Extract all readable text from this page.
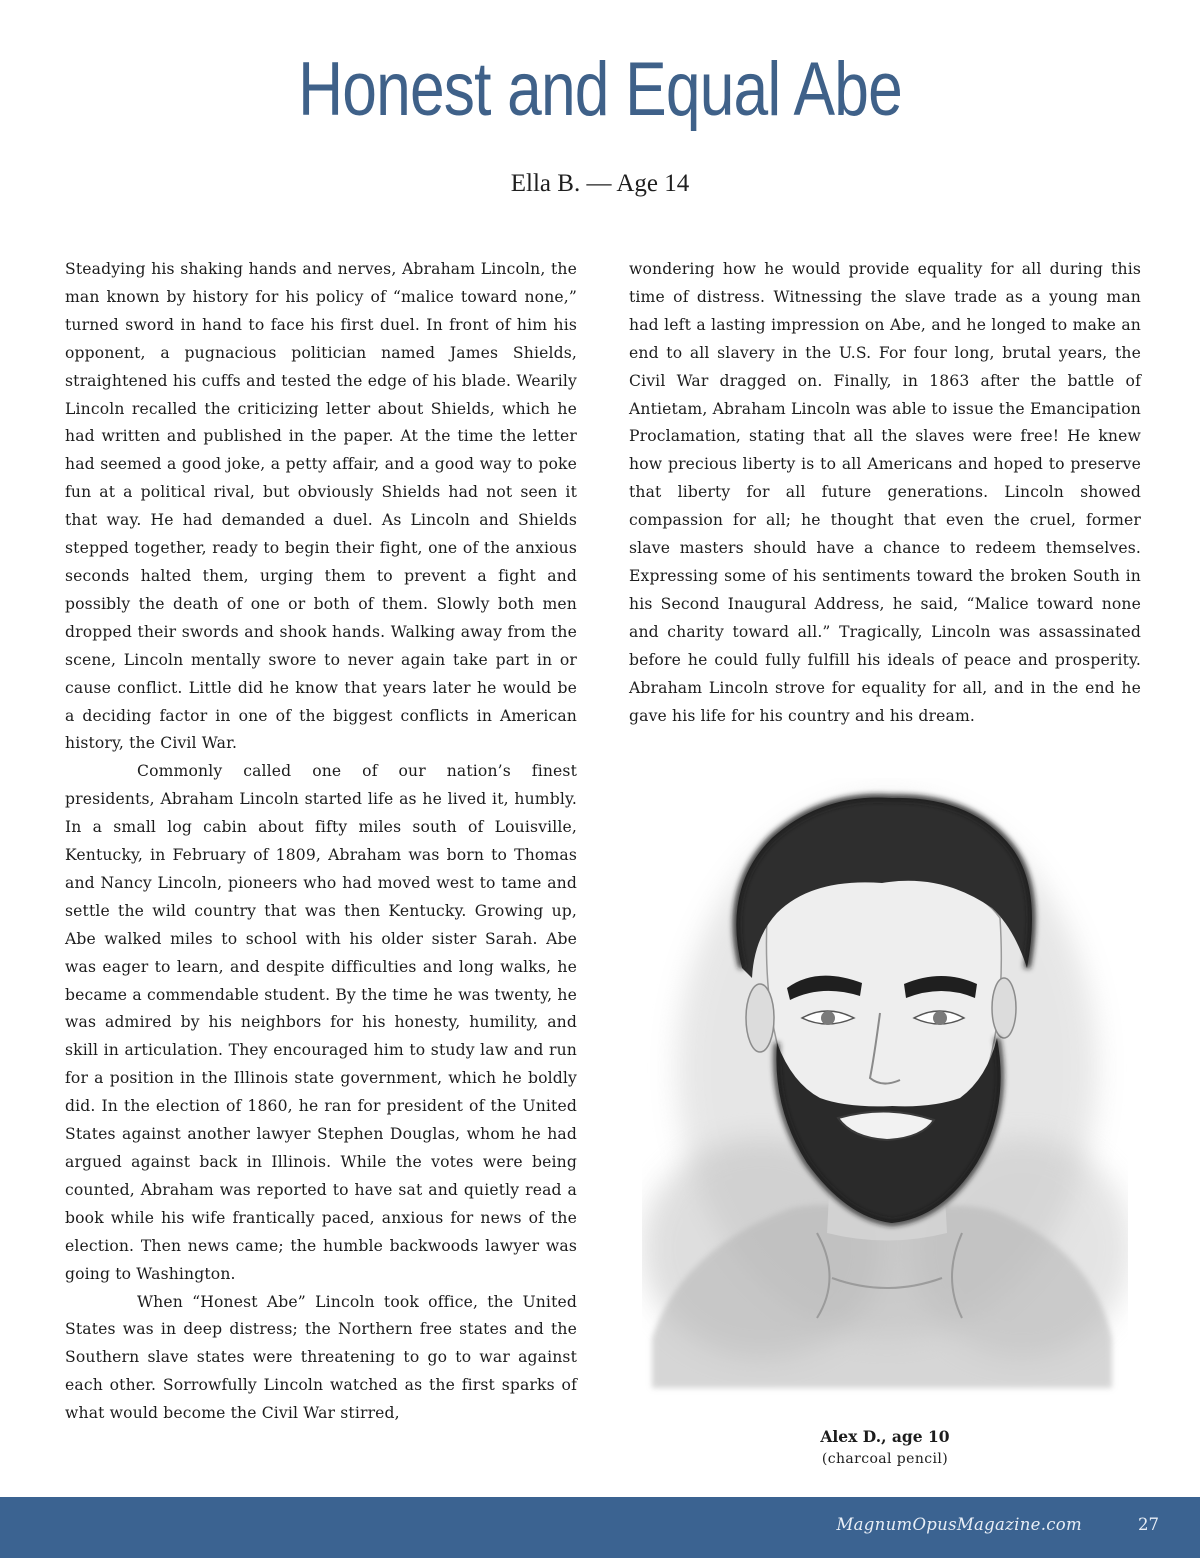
Honest and Equal Abe
Ella B. — Age 14

Steadying his shaking hands and nerves, Abraham Lincoln, the man known by history for his policy of “malice toward none,” turned sword in hand to face his first duel. In front of him his opponent, a pugnacious politician named James Shields, straightened his cuffs and tested the edge of his blade. Wearily Lincoln recalled the criticizing letter about Shields, which he had written and published in the paper. At the time the letter had seemed a good joke, a petty affair, and a good way to poke fun at a political rival, but obviously Shields had not seen it that way. He had demanded a duel. As Lincoln and Shields stepped together, ready to begin their fight, one of the anxious seconds halted them, urging them to prevent a fight and possibly the death of one or both of them. Slowly both men dropped their swords and shook hands. Walking away from the scene, Lincoln mentally swore to never again take part in or cause conflict. Little did he know that years later he would be a deciding factor in one of the biggest conflicts in American history, the Civil War.

Commonly called one of our nation’s finest presidents, Abraham Lincoln started life as he lived it, humbly. In a small log cabin about fifty miles south of Louisville, Kentucky, in February of 1809, Abraham was born to Thomas and Nancy Lincoln, pioneers who had moved west to tame and settle the wild country that was then Kentucky. Growing up, Abe walked miles to school with his older sister Sarah. Abe was eager to learn, and despite difficulties and long walks, he became a commendable student. By the time he was twenty, he was admired by his neighbors for his honesty, humility, and skill in articulation. They encouraged him to study law and run for a position in the Illinois state government, which he boldly did. In the election of 1860, he ran for president of the United States against another lawyer Stephen Douglas, whom he had argued against back in Illinois. While the votes were being counted, Abraham was reported to have sat and quietly read a book while his wife frantically paced, anxious for news of the election. Then news came; the humble backwoods lawyer was going to Washington.

When “Honest Abe” Lincoln took office, the United States was in deep distress; the Northern free states and the Southern slave states were threatening to go to war against each other. Sorrowfully Lincoln watched as the first sparks of what would become the Civil War stirred,

wondering how he would provide equality for all during this time of distress. Witnessing the slave trade as a young man had left a lasting impression on Abe, and he longed to make an end to all slavery in the U.S. For four long, brutal years, the Civil War dragged on. Finally, in 1863 after the battle of Antietam, Abraham Lincoln was able to issue the Emancipation Proclamation, stating that all the slaves were free! He knew how precious liberty is to all Americans and hoped to preserve that liberty for all future generations. Lincoln showed compassion for all; he thought that even the cruel, former slave masters should have a chance to redeem themselves. Expressing some of his sentiments toward the broken South in his Second Inaugural Address, he said, “Malice toward none and charity toward all.” Tragically, Lincoln was assassinated before he could fully fulfill his ideals of peace and prosperity. Abraham Lincoln strove for equality for all, and in the end he gave his life for his country and his dream.

Alex D., age 10
(charcoal pencil)
MagnumOpusMagazine.com	27
